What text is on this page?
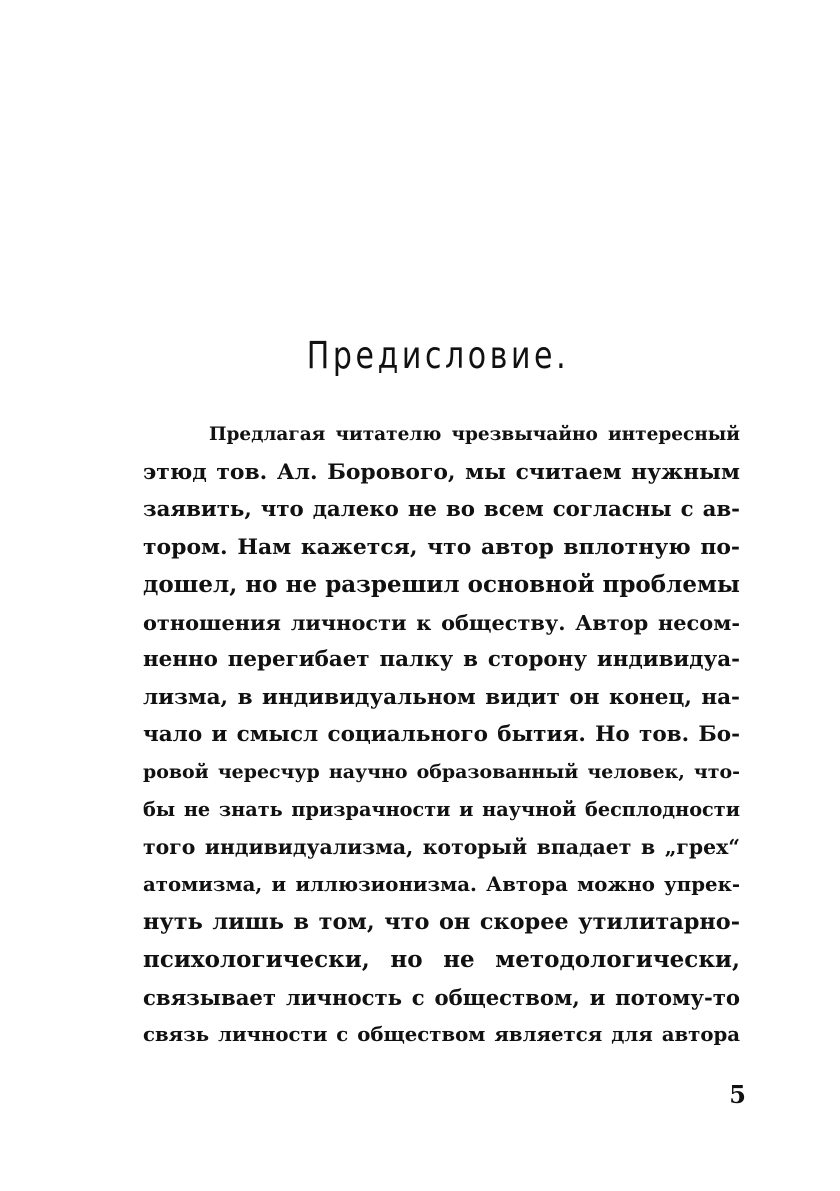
Предисловие.
Предлагая читателю чрезвычайно интересный
этюд тов. Ал. Борового, мы считаем нужным
заявить, что далеко не во всем согласны с ав-
тором. Нам кажется, что автор вплотную по-
дошел, но не разрешил основной проблемы
отношения личности к обществу. Автор несом-
ненно перегибает палку в сторону индивидуа-
лизма, в индивидуальном видит он конец, на-
чало и смысл социального бытия. Но тов. Бо-
ровой чересчур научно образованный человек, что-
бы не знать призрачности и научной бесплодности
того индивидуализма, который впадает в „грех“
атомизма, и иллюзионизма. Автора можно упрек-
нуть лишь в том, что он скорее утилитарно-
психологически, но не методологически,
связывает личность с обществом, и потому-то
связь личности с обществом является для автора
5
